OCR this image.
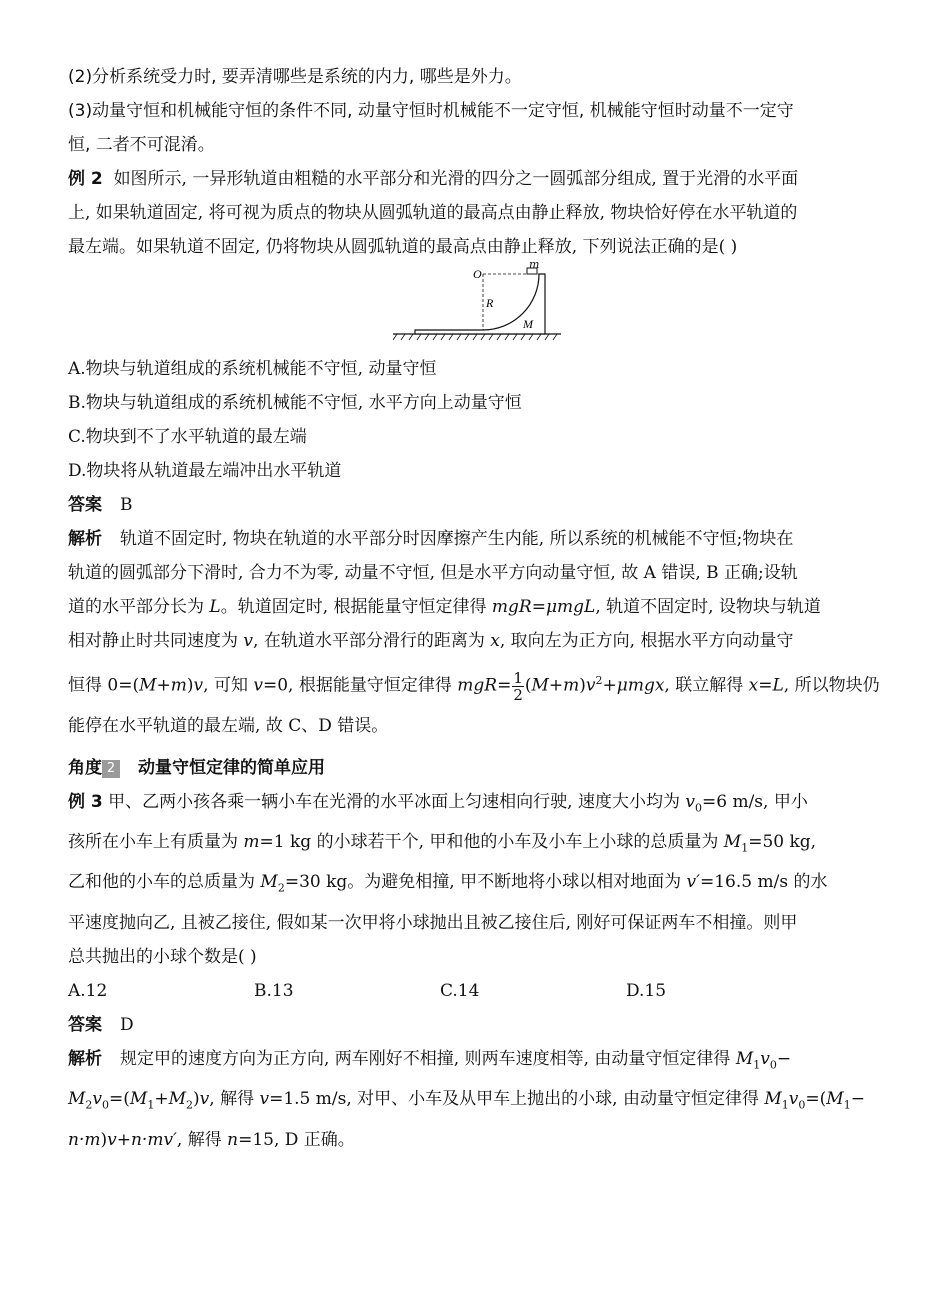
(2)分析系统受力时, 要弄清哪些是系统的内力, 哪些是外力。
(3)动量守恒和机械能守恒的条件不同, 动量守恒时机械能不一定守恒, 机械能守恒时动量不一定守
恒, 二者不可混淆。
例 2 如图所示, 一异形轨道由粗糙的水平部分和光滑的四分之一圆弧部分组成, 置于光滑的水平面
上, 如果轨道固定, 将可视为质点的物块从圆弧轨道的最高点由静止释放, 物块恰好停在水平轨道的
最左端。如果轨道不固定, 仍将物块从圆弧轨道的最高点由静止释放, 下列说法正确的是( )
O
R
M
m
A.物块与轨道组成的系统机械能不守恒, 动量守恒
B.物块与轨道组成的系统机械能不守恒, 水平方向上动量守恒
C.物块到不了水平轨道的最左端
D.物块将从轨道最左端冲出水平轨道
答案 B
解析 轨道不固定时, 物块在轨道的水平部分时因摩擦产生内能, 所以系统的机械能不守恒;物块在
轨道的圆弧部分下滑时, 合力不为零, 动量不守恒, 但是水平方向动量守恒, 故 A 错误, B 正确;设轨
道的水平部分长为 L。轨道固定时, 根据能量守恒定律得 mgR=μmgL, 轨道不固定时, 设物块与轨道
相对静止时共同速度为 v, 在轨道水平部分滑行的距离为 x, 取向左为正方向, 根据水平方向动量守
恒得 0=(M+m)v, 可知 v=0, 根据能量守恒定律得 $mgR= \frac{1}{2} (M+m)v^2+\mu mgx$, 联立解得 x=L, 所以物块仍
能停在水平轨道的最左端, 故 C、D 错误。
角度 2 动量守恒定律的简单应用
例 3 甲、乙两小孩各乘一辆小车在光滑的水平冰面上匀速相向行驶, 速度大小均为 $v_0=6$ m/s, 甲小
孩所在小车上有质量为 m=1 kg 的小球若干个, 甲和他的小车及小车上小球的总质量为 $M_1=50$ kg,
乙和他的小车的总质量为 $M_2=30$ kg。为避免相撞, 甲不断地将小球以相对地面为 v′=16.5 m/s 的水
平速度抛向乙, 且被乙接住, 假如某一次甲将小球抛出且被乙接住后, 刚好可保证两车不相撞。则甲
总共抛出的小球个数是( )
A.12	B.13	C.14	D.15
答案 D
解析 规定甲的速度方向为正方向, 两车刚好不相撞, 则两车速度相等, 由动量守恒定律得 $M_1v_0-$
$M_2v_0=(M_1+M_2)v$, 解得 v=1.5 m/s, 对甲、小车及从甲车上抛出的小球, 由动量守恒定律得 $M_1v_0=(M_1-$
n·m)v+n·mv′, 解得 n=15, D 正确。
